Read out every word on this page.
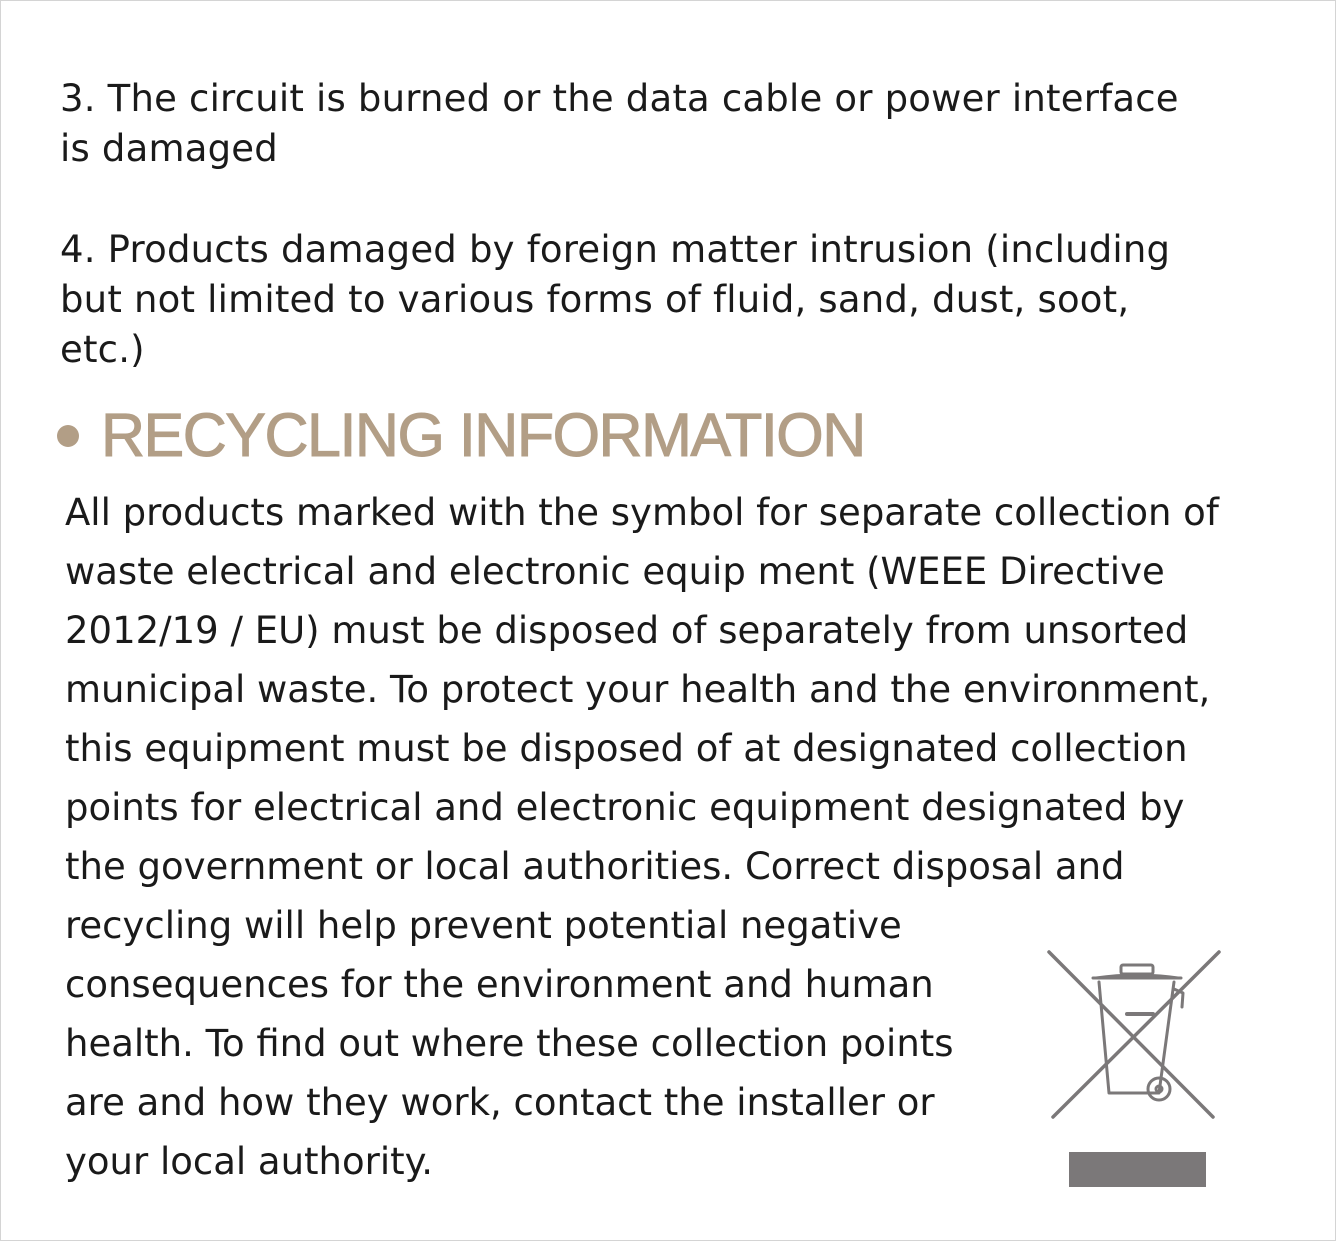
3. The circuit is burned or the data cable or power interface
is damaged

4. Products damaged by foreign matter intrusion (including
but not limited to various forms of fluid, sand, dust, soot,
etc.)

RECYCLING INFORMATION

All products marked with the symbol for separate collection of
waste electrical and electronic equip ment (WEEE Directive
2012/19 / EU) must be disposed of separately from unsorted
municipal waste. To protect your health and the environment,
this equipment must be disposed of at designated collection
points for electrical and electronic equipment designated by
the government or local authorities. Correct disposal and
recycling will help prevent potential negative
consequences for the environment and human
health. To find out where these collection points
are and how they work, contact the installer or
your local authority.
